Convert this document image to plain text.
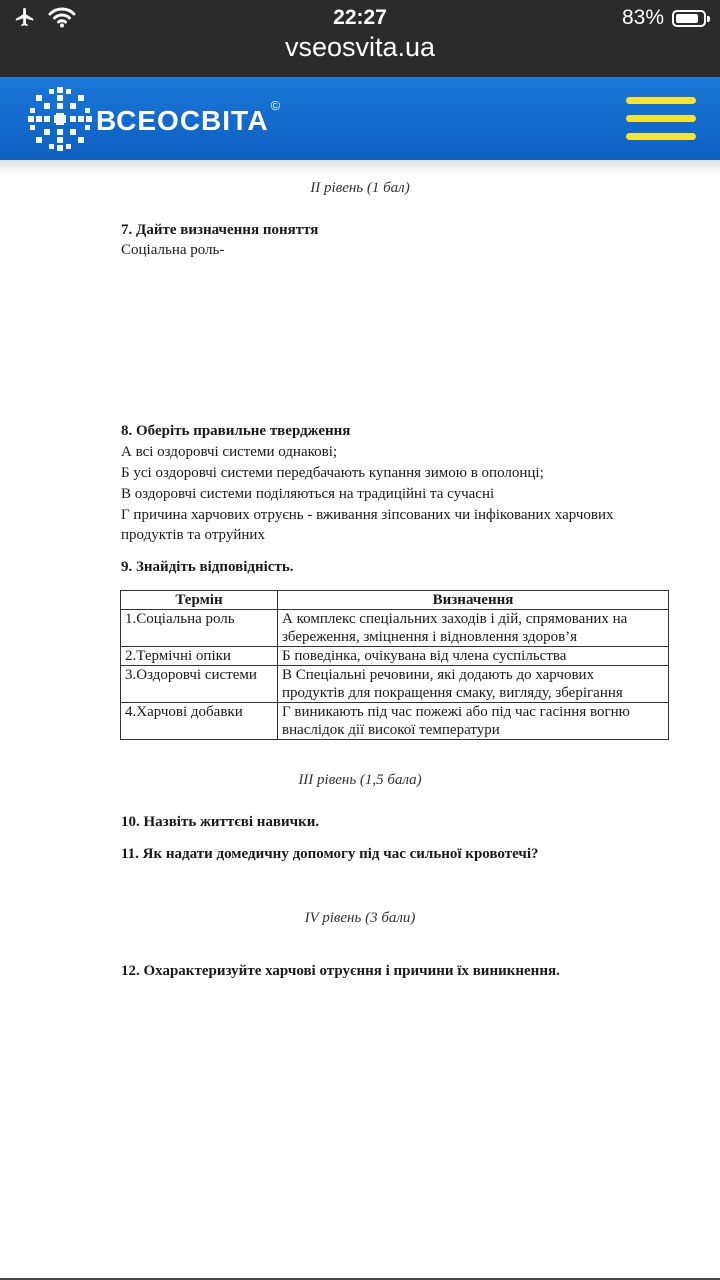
22:27	83%
vseosvita.ua
ВСЕОСВІТА ©
ІІ рівень (1 бал)
7. Дайте визначення поняття
Соціальна роль-
8. Оберіть правильне твердження
А всі оздоровчі системи однакові;
Б усі оздоровчі системи передбачають купання зимою в ополонці;
В оздоровчі системи поділяються на традиційні та сучасні
Г причина харчових отруєнь - вживання зіпсованих чи інфікованих харчових
продуктів та отруйних
9. Знайдіть відповідність.
Термін	Визначення
1.Соціальна роль	А комплекс спеціальних заходів і дій, спрямованих на
збереження, зміцнення і відновлення здоров’я

2.Термічні опіки	Б поведінка, очікувана від члена суспільства

3.Оздоровчі системи	В Спеціальні речовини, які додають до харчових
продуктів для покращення смаку, вигляду, зберігання

4.Харчові добавки	Г виникають під час пожежі або під час гасіння вогню
внаслідок дії високої температури
ІІІ рівень (1,5 бала)
10. Назвіть життєві навички.
11. Як надати домедичну допомогу під час сильної кровотечі?
IV рівень (3 бали)
12. Охарактеризуйте харчові отруєння і причини їх виникнення.
